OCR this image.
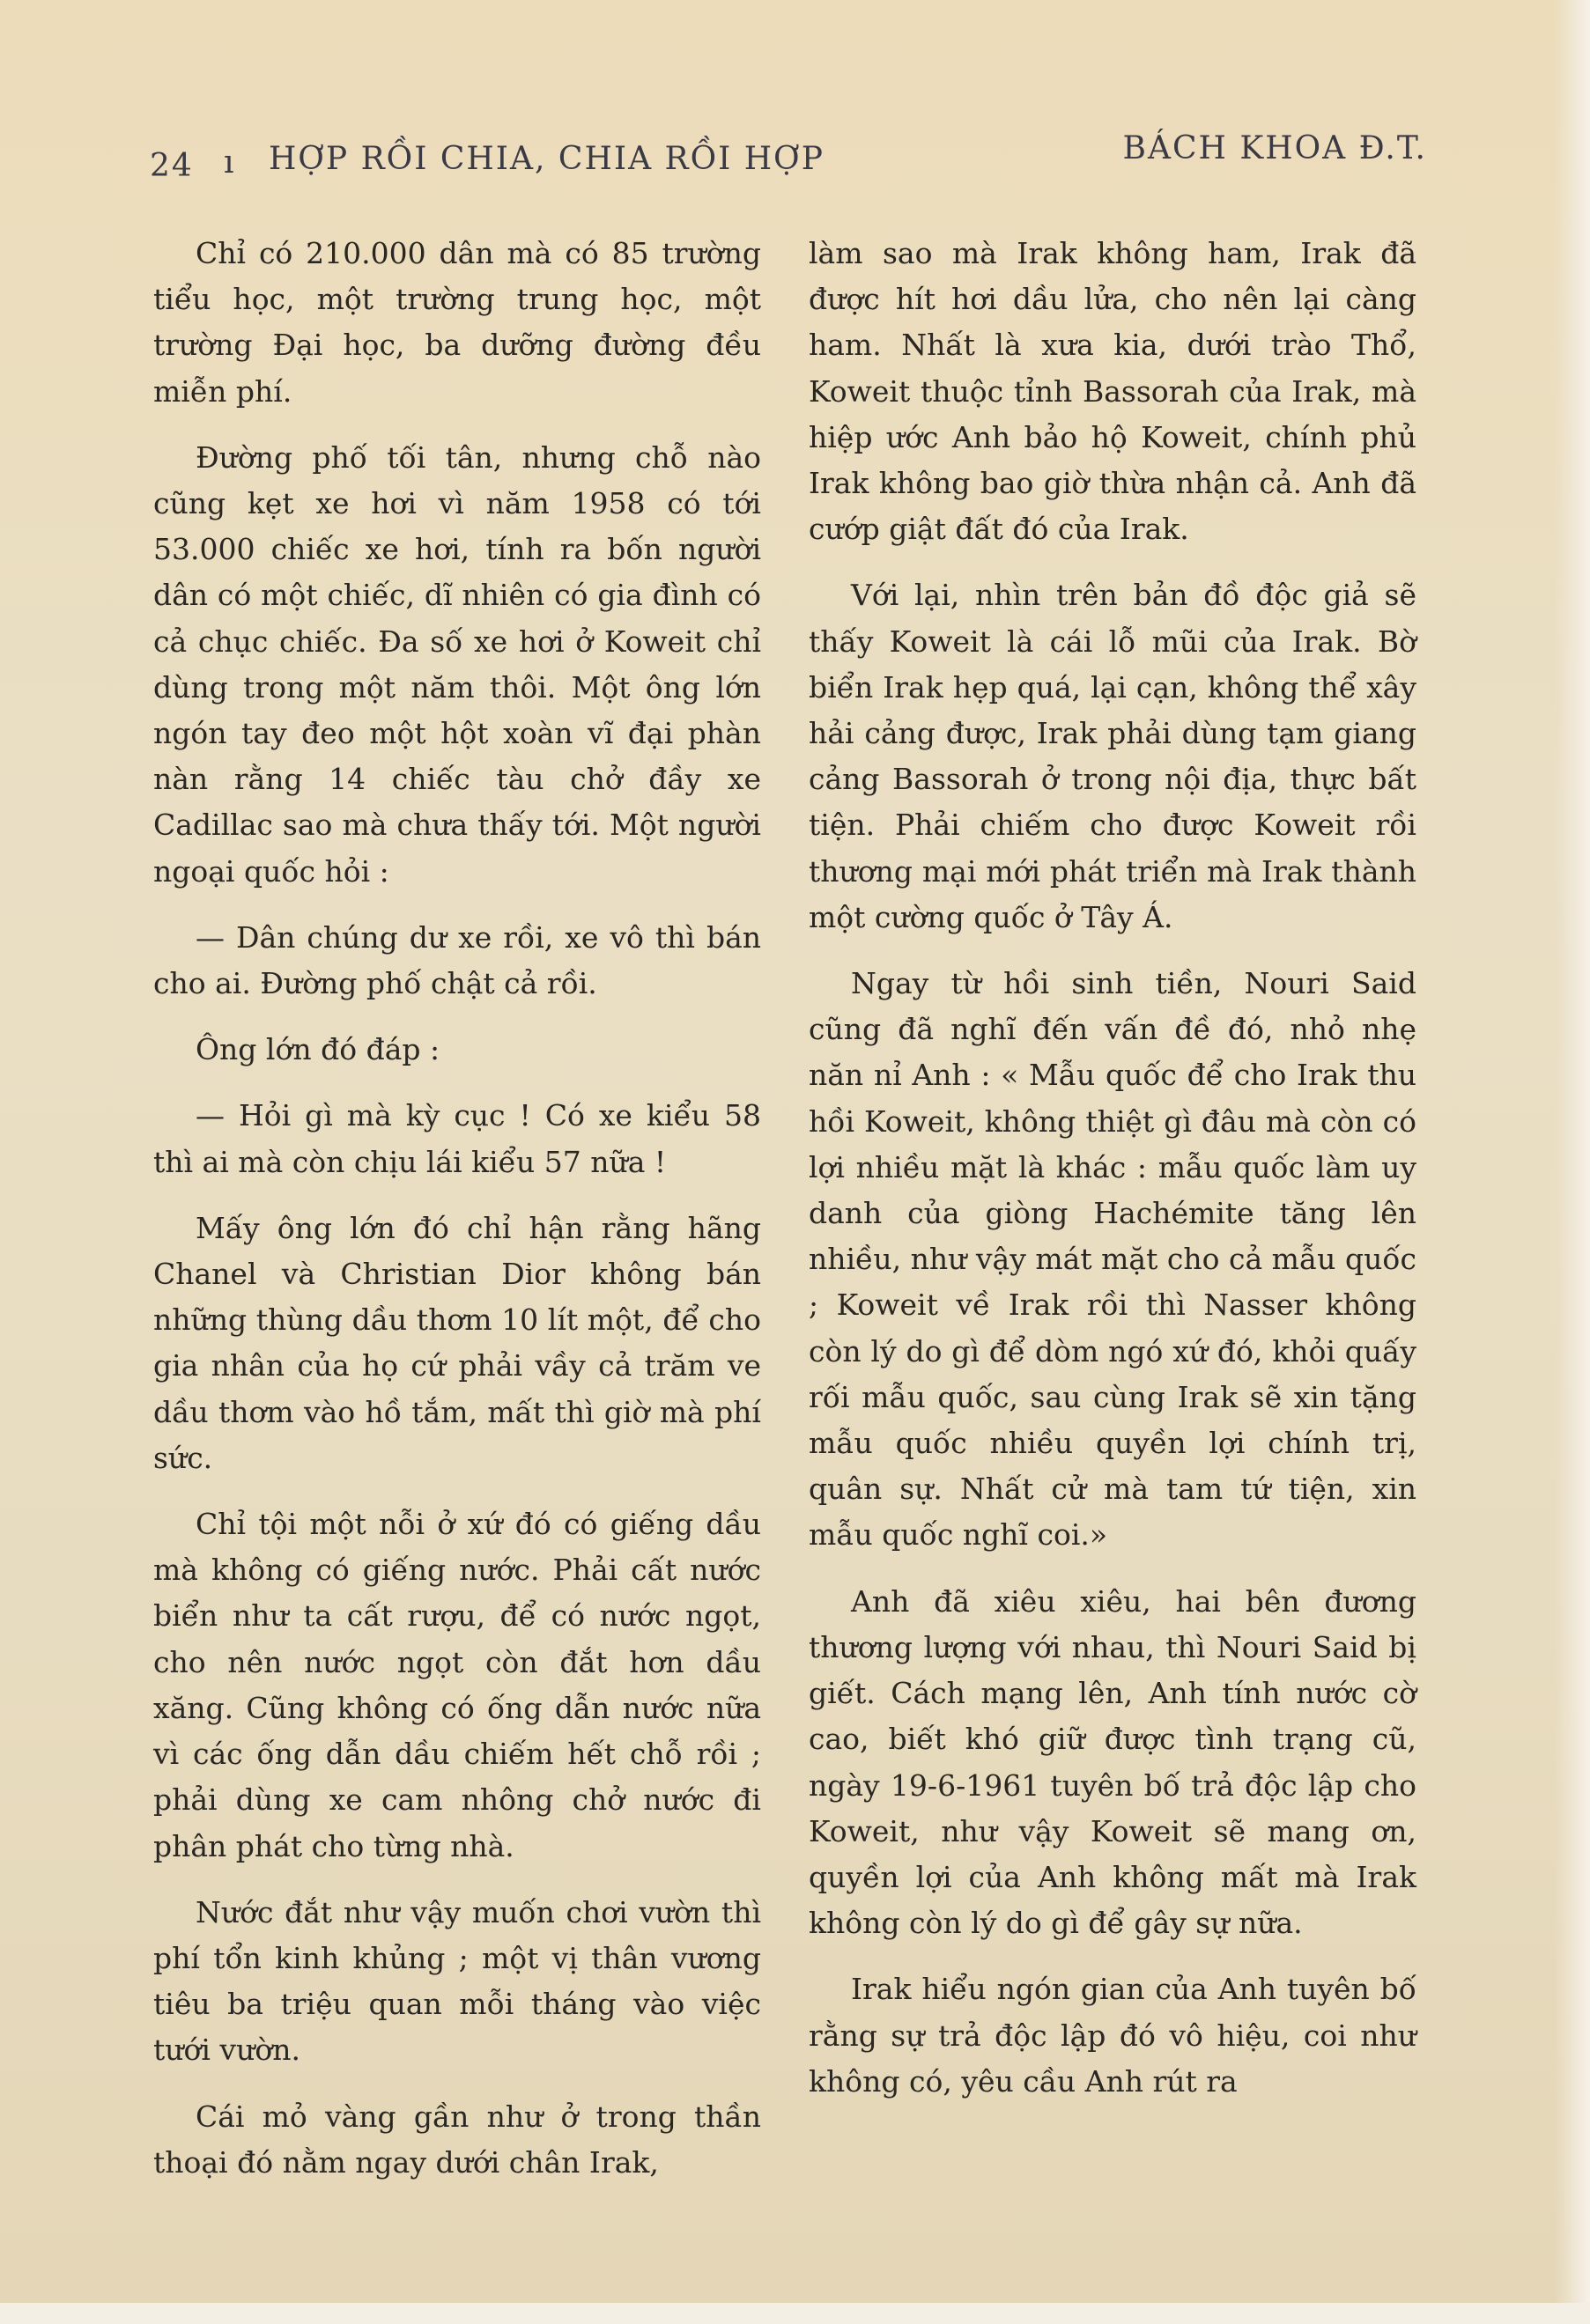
24 ı HỢP RỒI CHIA, CHIA RỒI HỢP	BÁCH KHOA Đ.T.

Chỉ có 210.000 dân mà có 85 trường tiểu học, một trường trung học, một trường Đại học, ba dưỡng đường đều miễn phí.

Đường phố tối tân, nhưng chỗ nào cũng kẹt xe hơi vì năm 1958 có tới 53.000 chiếc xe hơi, tính ra bốn người dân có một chiếc, dĩ nhiên có gia đình có cả chục chiếc. Đa số xe hơi ở Koweit chỉ dùng trong một năm thôi. Một ông lớn ngón tay đeo một hột xoàn vĩ đại phàn nàn rằng 14 chiếc tàu chở đầy xe Cadillac sao mà chưa thấy tới. Một người ngoại quốc hỏi :

— Dân chúng dư xe rồi, xe vô thì bán cho ai. Đường phố chật cả rồi.

Ông lớn đó đáp :

— Hỏi gì mà kỳ cục ! Có xe kiểu 58 thì ai mà còn chịu lái kiểu 57 nữa !

Mấy ông lớn đó chỉ hận rằng hãng Chanel và Christian Dior không bán những thùng dầu thơm 10 lít một, để cho gia nhân của họ cứ phải vầy cả trăm ve dầu thơm vào hồ tắm, mất thì giờ mà phí sức.

Chỉ tội một nỗi ở xứ đó có giếng dầu mà không có giếng nước. Phải cất nước biển như ta cất rượu, để có nước ngọt, cho nên nước ngọt còn đắt hơn dầu xăng. Cũng không có ống dẫn nước nữa vì các ống dẫn dầu chiếm hết chỗ rồi ; phải dùng xe cam nhông chở nước đi phân phát cho từng nhà.

Nước đắt như vậy muốn chơi vườn thì phí tổn kinh khủng ; một vị thân vương tiêu ba triệu quan mỗi tháng vào việc tưới vườn.

Cái mỏ vàng gần như ở trong thần thoại đó nằm ngay dưới chân Irak,

làm sao mà Irak không ham, Irak đã được hít hơi dầu lửa, cho nên lại càng ham. Nhất là xưa kia, dưới trào Thổ, Koweit thuộc tỉnh Bassorah của Irak, mà hiệp ước Anh bảo hộ Koweit, chính phủ Irak không bao giờ thừa nhận cả. Anh đã cướp giật đất đó của Irak.

Với lại, nhìn trên bản đồ độc giả sẽ thấy Koweit là cái lỗ mũi của Irak. Bờ biển Irak hẹp quá, lại cạn, không thể xây hải cảng được, Irak phải dùng tạm giang cảng Bassorah ở trong nội địa, thực bất tiện. Phải chiếm cho được Koweit rồi thương mại mới phát triển mà Irak thành một cường quốc ở Tây Á.

Ngay từ hồi sinh tiền, Nouri Said cũng đã nghĩ đến vấn đề đó, nhỏ nhẹ năn nỉ Anh : « Mẫu quốc để cho Irak thu hồi Koweit, không thiệt gì đâu mà còn có lợi nhiều mặt là khác : mẫu quốc làm uy danh của giòng Hachémite tăng lên nhiều, như vậy mát mặt cho cả mẫu quốc ; Koweit về Irak rồi thì Nasser không còn lý do gì để dòm ngó xứ đó, khỏi quấy rối mẫu quốc, sau cùng Irak sẽ xin tặng mẫu quốc nhiều quyền lợi chính trị, quân sự. Nhất cử mà tam tứ tiện, xin mẫu quốc nghĩ coi.»

Anh đã xiêu xiêu, hai bên đương thương lượng với nhau, thì Nouri Said bị giết. Cách mạng lên, Anh tính nước cờ cao, biết khó giữ được tình trạng cũ, ngày 19-6-1961 tuyên bố trả độc lập cho Koweit, như vậy Koweit sẽ mang ơn, quyền lợi của Anh không mất mà Irak không còn lý do gì để gây sự nữa.

Irak hiểu ngón gian của Anh tuyên bố rằng sự trả độc lập đó vô hiệu, coi như không có, yêu cầu Anh rút ra
